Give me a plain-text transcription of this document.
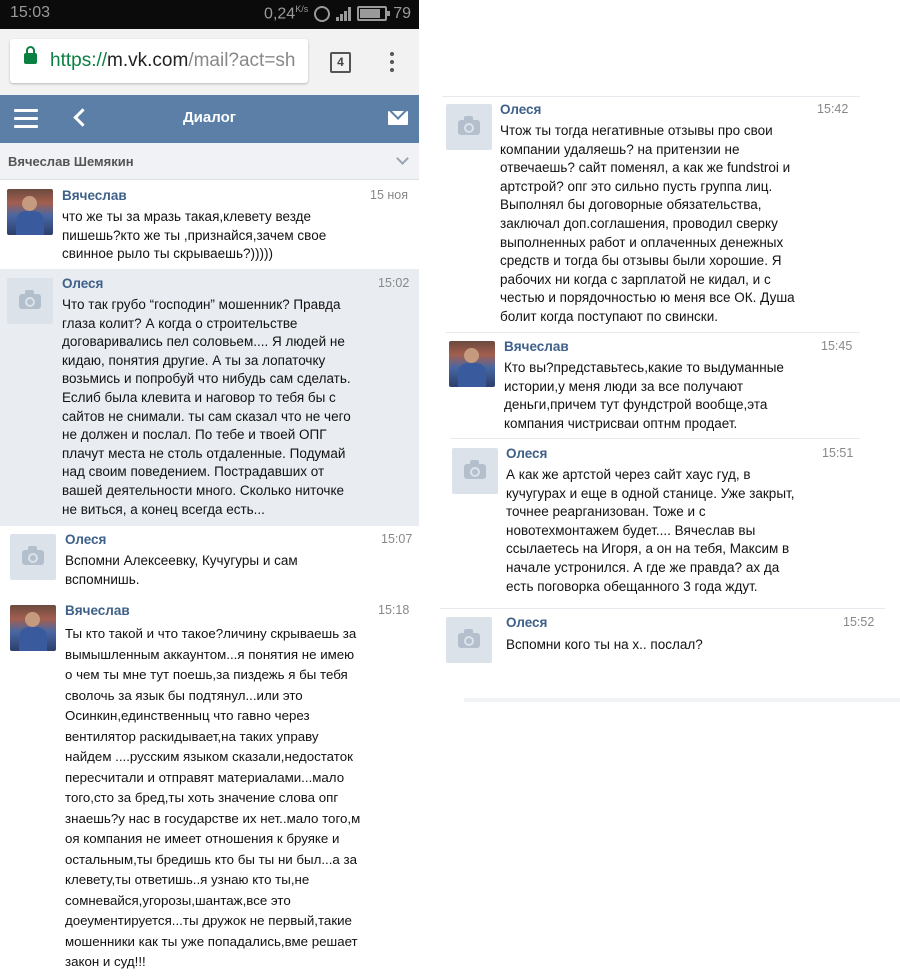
15:03	$0,24^{K/s}$	79
https://m.vk.com/mail?act=sh	4
Диалог
Вячеслав Шемякин
Вячеслав	15 ноя
что же ты за мразь такая,клевету везде
пишешь?кто же ты ,признайся,зачем свое
свинное рыло ты скрываешь?)))))
Олеся	15:02
Что так грубо “господин” мошенник? Правда
глаза колит? А когда о строительстве
договаривались пел соловьем.... Я людей не
кидаю, понятия другие. А ты за лопаточку
возьмись и попробуй что нибудь сам сделать.
Еслиб была клевита и наговор то тебя бы с
сайтов не снимали. ты сам сказал что не чего
не должен и послал. По тебе и твоей ОПГ
плачут места не столь отдаленные. Подумай
над своим поведением. Пострадавших от
вашей деятельности много. Сколько ниточке
не виться, а конец всегда есть...
Олеся	15:07
Вспомни Алексеевку, Кучугуры и сам
вспомнишь.
Вячеслав	15:18
Ты кто такой и что такое?личину скрываешь за
вымышленным аккаунтом...я понятия не имею
о чем ты мне тут поешь,за пиздежь я бы тебя
сволочь за язык бы подтянул...или это
Осинкин,единственныц что гавно через
вентилятор раскидывает,на таких управу
найдем ....русским языком сказали,недостаток
пересчитали и отправят материалами...мало
того,сто за бред,ты хоть значение слова опг
знаешь?у нас в государстве их нет..мало того,м
оя компания не имеет отношения к бруяке и
остальным,ты бредишь кто бы ты ни был...а за
клевету,ты ответишь..я узнаю кто ты,не
сомневайся,угорозы,шантаж,все это
доеументируется...ты дружок не первый,такие
мошенники как ты уже попадались,вме решает
закон и суд!!!
Олеся	15:42
Чтож ты тогда негативные отзывы про свои
компании удаляешь? на притензии не
отвечаешь? сайт поменял, а как же fundstroi и
артстрой? опг это сильно пусть группа лиц.
Выполнял бы договорные обязательства,
заключал доп.соглашения, проводил сверку
выполненных работ и оплаченных денежных
средств и тогда бы отзывы были хорошие. Я
рабочих ни когда с зарплатой не кидал, и с
честью и порядочностью ю меня все ОК. Душа
болит когда поступают по свински.
Вячеслав	15:45
Кто вы?представьтесь,какие то выдуманные
истории,у меня люди за все получают
деньги,причем тут фундстрой вообще,эта
компания чистрисваи оптнм продает.
Олеся	15:51
А как же артстой через сайт хаус гуд, в
кучугурах и еще в одной станице. Уже закрыт,
точнее реарганизован. Тоже и с
новотехмонтажем будет.... Вячеслав вы
ссылаетесь на Игоря, а он на тебя, Максим в
начале устронился. А где же правда? ах да
есть поговорка обещанного 3 года ждут.
Олеся	15:52
Вспомни кого ты на х.. послал?
